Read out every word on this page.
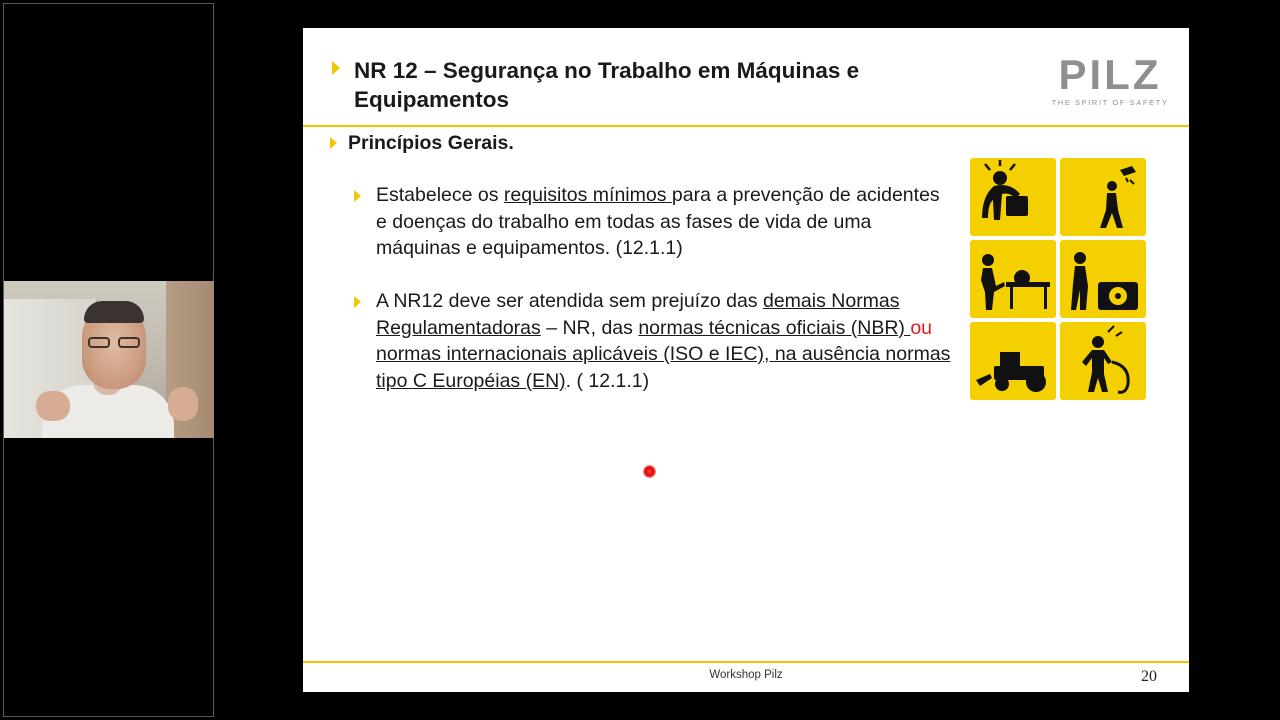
NR 12 – Segurança no Trabalho em Máquinas e Equipamentos
PILZ
THE SPIRIT OF SAFETY
Princípios Gerais.
Estabelece os requisitos mínimos para a prevenção de acidentes e doenças do trabalho em todas as fases de vida de uma máquinas e equipamentos. (12.1.1)
A NR12 deve ser atendida sem prejuízo das demais Normas Regulamentadoras – NR, das normas técnicas oficiais (NBR) ou normas internacionais aplicáveis (ISO e IEC), na ausência normas tipo C Européias (EN). ( 12.1.1)
Workshop Pilz	20
